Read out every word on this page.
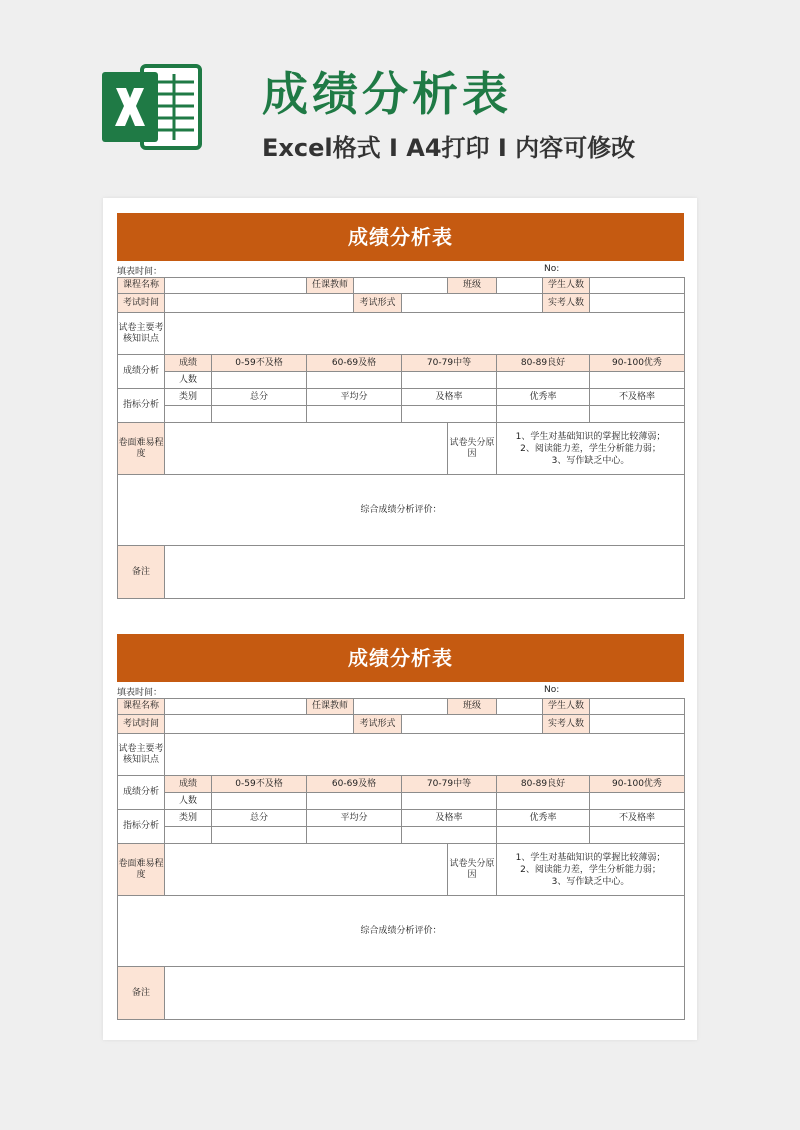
成绩分析表
Excel格式 Ⅰ A4打印 Ⅰ 内容可修改
成绩分析表
填表时间：	No:
课程名称			任课教师			班级		学生人数	
考试时间				考试形式				实考人数	
试卷主要考核知识点									
成绩分析	成绩	0-59不及格	60-69及格		70-79中等		80-89良好		90-100优秀
	人数								
指标分析	类别	总分	平均分		及格率		优秀率		不及格率

卷面难易程度						试卷失分原因	1、学生对基础知识的掌握比较薄弱；
2、阅读能力差，学生分析能力弱；
3、写作缺乏中心。		

综合成绩分析评价：									
备注									
成绩分析表
填表时间：	No:
课程名称			任课教师			班级		学生人数	
考试时间				考试形式				实考人数	
试卷主要考核知识点									
成绩分析	成绩	0-59不及格	60-69及格		70-79中等		80-89良好		90-100优秀
	人数								
指标分析	类别	总分	平均分		及格率		优秀率		不及格率

卷面难易程度						试卷失分原因	1、学生对基础知识的掌握比较薄弱；
2、阅读能力差，学生分析能力弱；
3、写作缺乏中心。		

综合成绩分析评价：									
备注									
